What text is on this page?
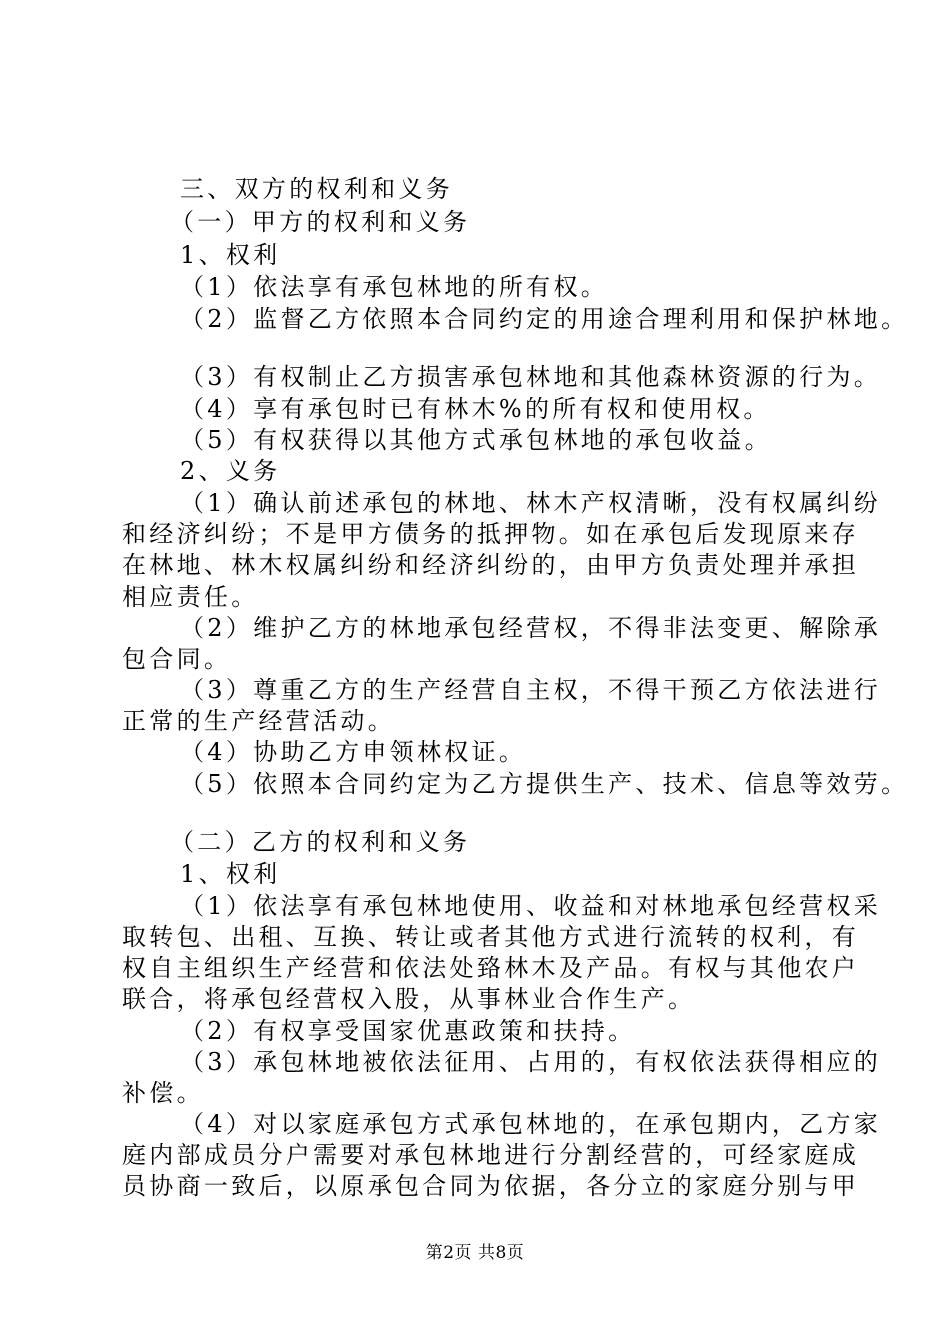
三、双方的权利和义务
（一）甲方的权利和义务
1、权利
（1）依法享有承包林地的所有权。
（2）监督乙方依照本合同约定的用途合理利用和保护林地。
（3）有权制止乙方损害承包林地和其他森林资源的行为。
（4）享有承包时已有林木%的所有权和使用权。
（5）有权获得以其他方式承包林地的承包收益。
2、义务
（1）确认前述承包的林地、林木产权清晰，没有权属纠纷
和经济纠纷；不是甲方债务的抵押物。如在承包后发现原来存
在林地、林木权属纠纷和经济纠纷的，由甲方负责处理并承担
相应责任。
（2）维护乙方的林地承包经营权，不得非法变更、解除承
包合同。
（3）尊重乙方的生产经营自主权，不得干预乙方依法进行
正常的生产经营活动。
（4）协助乙方申领林权证。
（5）依照本合同约定为乙方提供生产、技术、信息等效劳。
（二）乙方的权利和义务
1、权利
（1）依法享有承包林地使用、收益和对林地承包经营权采
取转包、出租、互换、转让或者其他方式进行流转的权利，有
权自主组织生产经营和依法处臵林木及产品。有权与其他农户
联合，将承包经营权入股，从事林业合作生产。
（2）有权享受国家优惠政策和扶持。
（3）承包林地被依法征用、占用的，有权依法获得相应的
补偿。
（4）对以家庭承包方式承包林地的，在承包期内，乙方家
庭内部成员分户需要对承包林地进行分割经营的，可经家庭成
员协商一致后，以原承包合同为依据，各分立的家庭分别与甲
第2页 共8页
